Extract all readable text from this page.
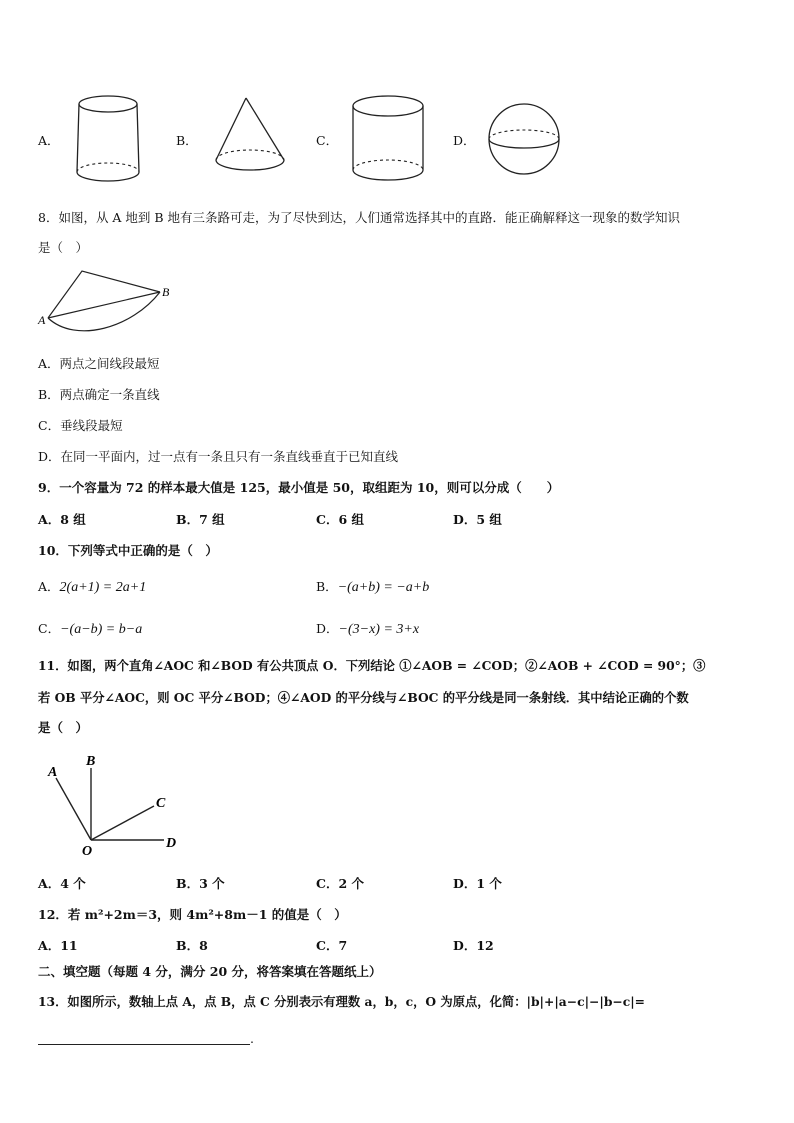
A．	B．	C．	D．
8．如图，从 A 地到 B 地有三条路可走，为了尽快到达，人们通常选择其中的直路．能正确解释这一现象的数学知识
是（　）
A
B
A．两点之间线段最短
B．两点确定一条直线
C．垂线段最短
D．在同一平面内，过一点有一条且只有一条直线垂直于已知直线
9．一个容量为 72 的样本最大值是 125，最小值是 50，取组距为 10，则可以分成（　　）
A．8 组	B．7 组	C．6 组	D．5 组
10．下列等式中正确的是（　）
A．2(a+1) = 2a+1	B．−(a+b) = −a+b
C．−(a−b) = b−a	D．−(3−x) = 3+x
11．如图，两个直角∠AOC 和∠BOD 有公共顶点 O．下列结论 ①∠AOB = ∠COD；②∠AOB + ∠COD = 90°；③
若 OB 平分∠AOC，则 OC 平分∠BOD；④∠AOD 的平分线与∠BOC 的平分线是同一条射线．其中结论正确的个数
是（　）
A
B
C
D
O
A．4 个	B．3 个	C．2 个	D．1 个
12．若 m²+2m＝3，则 4m²+8m－1 的值是（　）
A．11	B．8	C．7	D．12
二、填空题（每题 4 分，满分 20 分，将答案填在答题纸上）
13．如图所示，数轴上点 A，点 B，点 C 分别表示有理数 a，b，c，O 为原点，化简：|b|+|a−c|−|b−c|=
.
